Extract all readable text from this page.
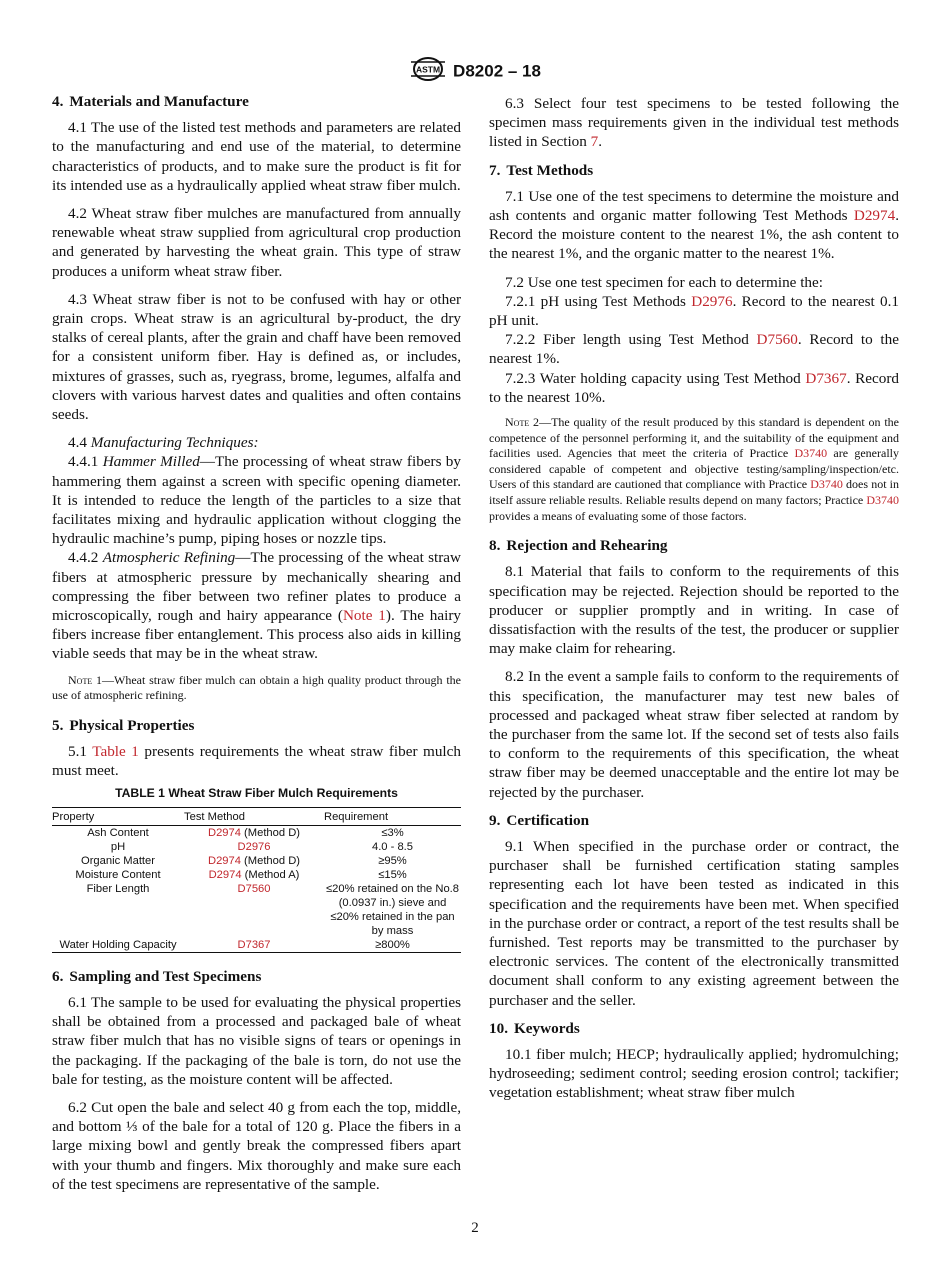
ASTM D8202 – 18
4. Materials and Manufacture

4.1 The use of the listed test methods and parameters are related to the manufacturing and end use of the material, to determine characteristics of products, and to make sure the product is fit for its intended use as a hydraulically applied wheat straw fiber mulch.

4.2 Wheat straw fiber mulches are manufactured from annually renewable wheat straw supplied from agricultural crop production and generated by harvesting the wheat grain. This type of straw produces a uniform wheat straw fiber.

4.3 Wheat straw fiber is not to be confused with hay or other grain crops. Wheat straw is an agricultural by-product, the dry stalks of cereal plants, after the grain and chaff have been removed for a consistent uniform fiber. Hay is defined as, or includes, mixtures of grasses, such as, ryegrass, brome, legumes, alfalfa and clovers with various harvest dates and qualities and often contains seeds.

4.4 Manufacturing Techniques:

4.4.1 Hammer Milled—The processing of wheat straw fibers by hammering them against a screen with specific opening diameter. It is intended to reduce the length of the particles to a size that facilitates mixing and hydraulic application without clogging the hydraulic machine’s pump, piping hoses or nozzle tips.

4.4.2 Atmospheric Refining—The processing of the wheat straw fibers at atmospheric pressure by mechanically shearing and compressing the fiber between two refiner plates to produce a microscopically, rough and hairy appearance (Note 1). The hairy fibers increase fiber entanglement. This process also aids in killing viable seeds that may be in the wheat straw.

Note 1—Wheat straw fiber mulch can obtain a high quality product through the use of atmospheric refining.
5. Physical Properties

5.1 Table 1 presents requirements the wheat straw fiber mulch must meet.

TABLE 1 Wheat Straw Fiber Mulch Requirements
Property	Test Method	Requirement
Ash Content	D2974 (Method D)	≤3%
pH	D2976	4.0 - 8.5
Organic Matter	D2974 (Method D)	≥95%
Moisture Content	D2974 (Method A)	≤15%
Fiber Length	D7560	≤20% retained on the No.8 (0.0937 in.) sieve and ≤20% retained in the pan by mass
Water Holding Capacity	D7367	≥800%
6. Sampling and Test Specimens

6.1 The sample to be used for evaluating the physical properties shall be obtained from a processed and packaged bale of wheat straw fiber mulch that has no visible signs of tears or openings in the packaging. If the packaging of the bale is torn, do not use the bale for testing, as the moisture content will be affected.

6.2 Cut open the bale and select 40 g from each the top, middle, and bottom ⅓ of the bale for a total of 120 g. Place the fibers in a large mixing bowl and gently break the compressed fibers apart with your thumb and fingers. Mix thoroughly and make sure each of the test specimens are representative of the sample.

6.3 Select four test specimens to be tested following the specimen mass requirements given in the individual test methods listed in Section 7.

7. Test Methods

7.1 Use one of the test specimens to determine the moisture and ash contents and organic matter following Test Methods D2974. Record the moisture content to the nearest 1%, the ash content to the nearest 1%, and the organic matter to the nearest 1%.

7.2 Use one test specimen for each to determine the:

7.2.1 pH using Test Methods D2976. Record to the nearest 0.1 pH unit.

7.2.2 Fiber length using Test Method D7560. Record to the nearest 1%.

7.2.3 Water holding capacity using Test Method D7367. Record to the nearest 10%.

Note 2—The quality of the result produced by this standard is dependent on the competence of the personnel performing it, and the suitability of the equipment and facilities used. Agencies that meet the criteria of Practice D3740 are generally considered capable of competent and objective testing/sampling/inspection/etc. Users of this standard are cautioned that compliance with Practice D3740 does not in itself assure reliable results. Reliable results depend on many factors; Practice D3740 provides a means of evaluating some of those factors.
8. Rejection and Rehearing

8.1 Material that fails to conform to the requirements of this specification may be rejected. Rejection should be reported to the producer or supplier promptly and in writing. In case of dissatisfaction with the results of the test, the producer or supplier may make claim for rehearing.

8.2 In the event a sample fails to conform to the requirements of this specification, the manufacturer may test new bales of processed and packaged wheat straw fiber selected at random by the purchaser from the same lot. If the second set of tests also fails to conform to the requirements of this specification, the wheat straw fiber may be deemed unacceptable and the entire lot may be rejected by the purchaser.

9. Certification

9.1 When specified in the purchase order or contract, the purchaser shall be furnished certification stating samples representing each lot have been tested as indicated in this specification and the requirements have been met. When specified in the purchase order or contract, a report of the test results shall be furnished. Test reports may be transmitted to the purchaser by electronic services. The content of the electronically transmitted document shall conform to any existing agreement between the purchaser and the seller.

10. Keywords

10.1 fiber mulch; HECP; hydraulically applied; hydromulching; hydroseeding; sediment control; seeding erosion control; tackifier; vegetation establishment; wheat straw fiber mulch

2
